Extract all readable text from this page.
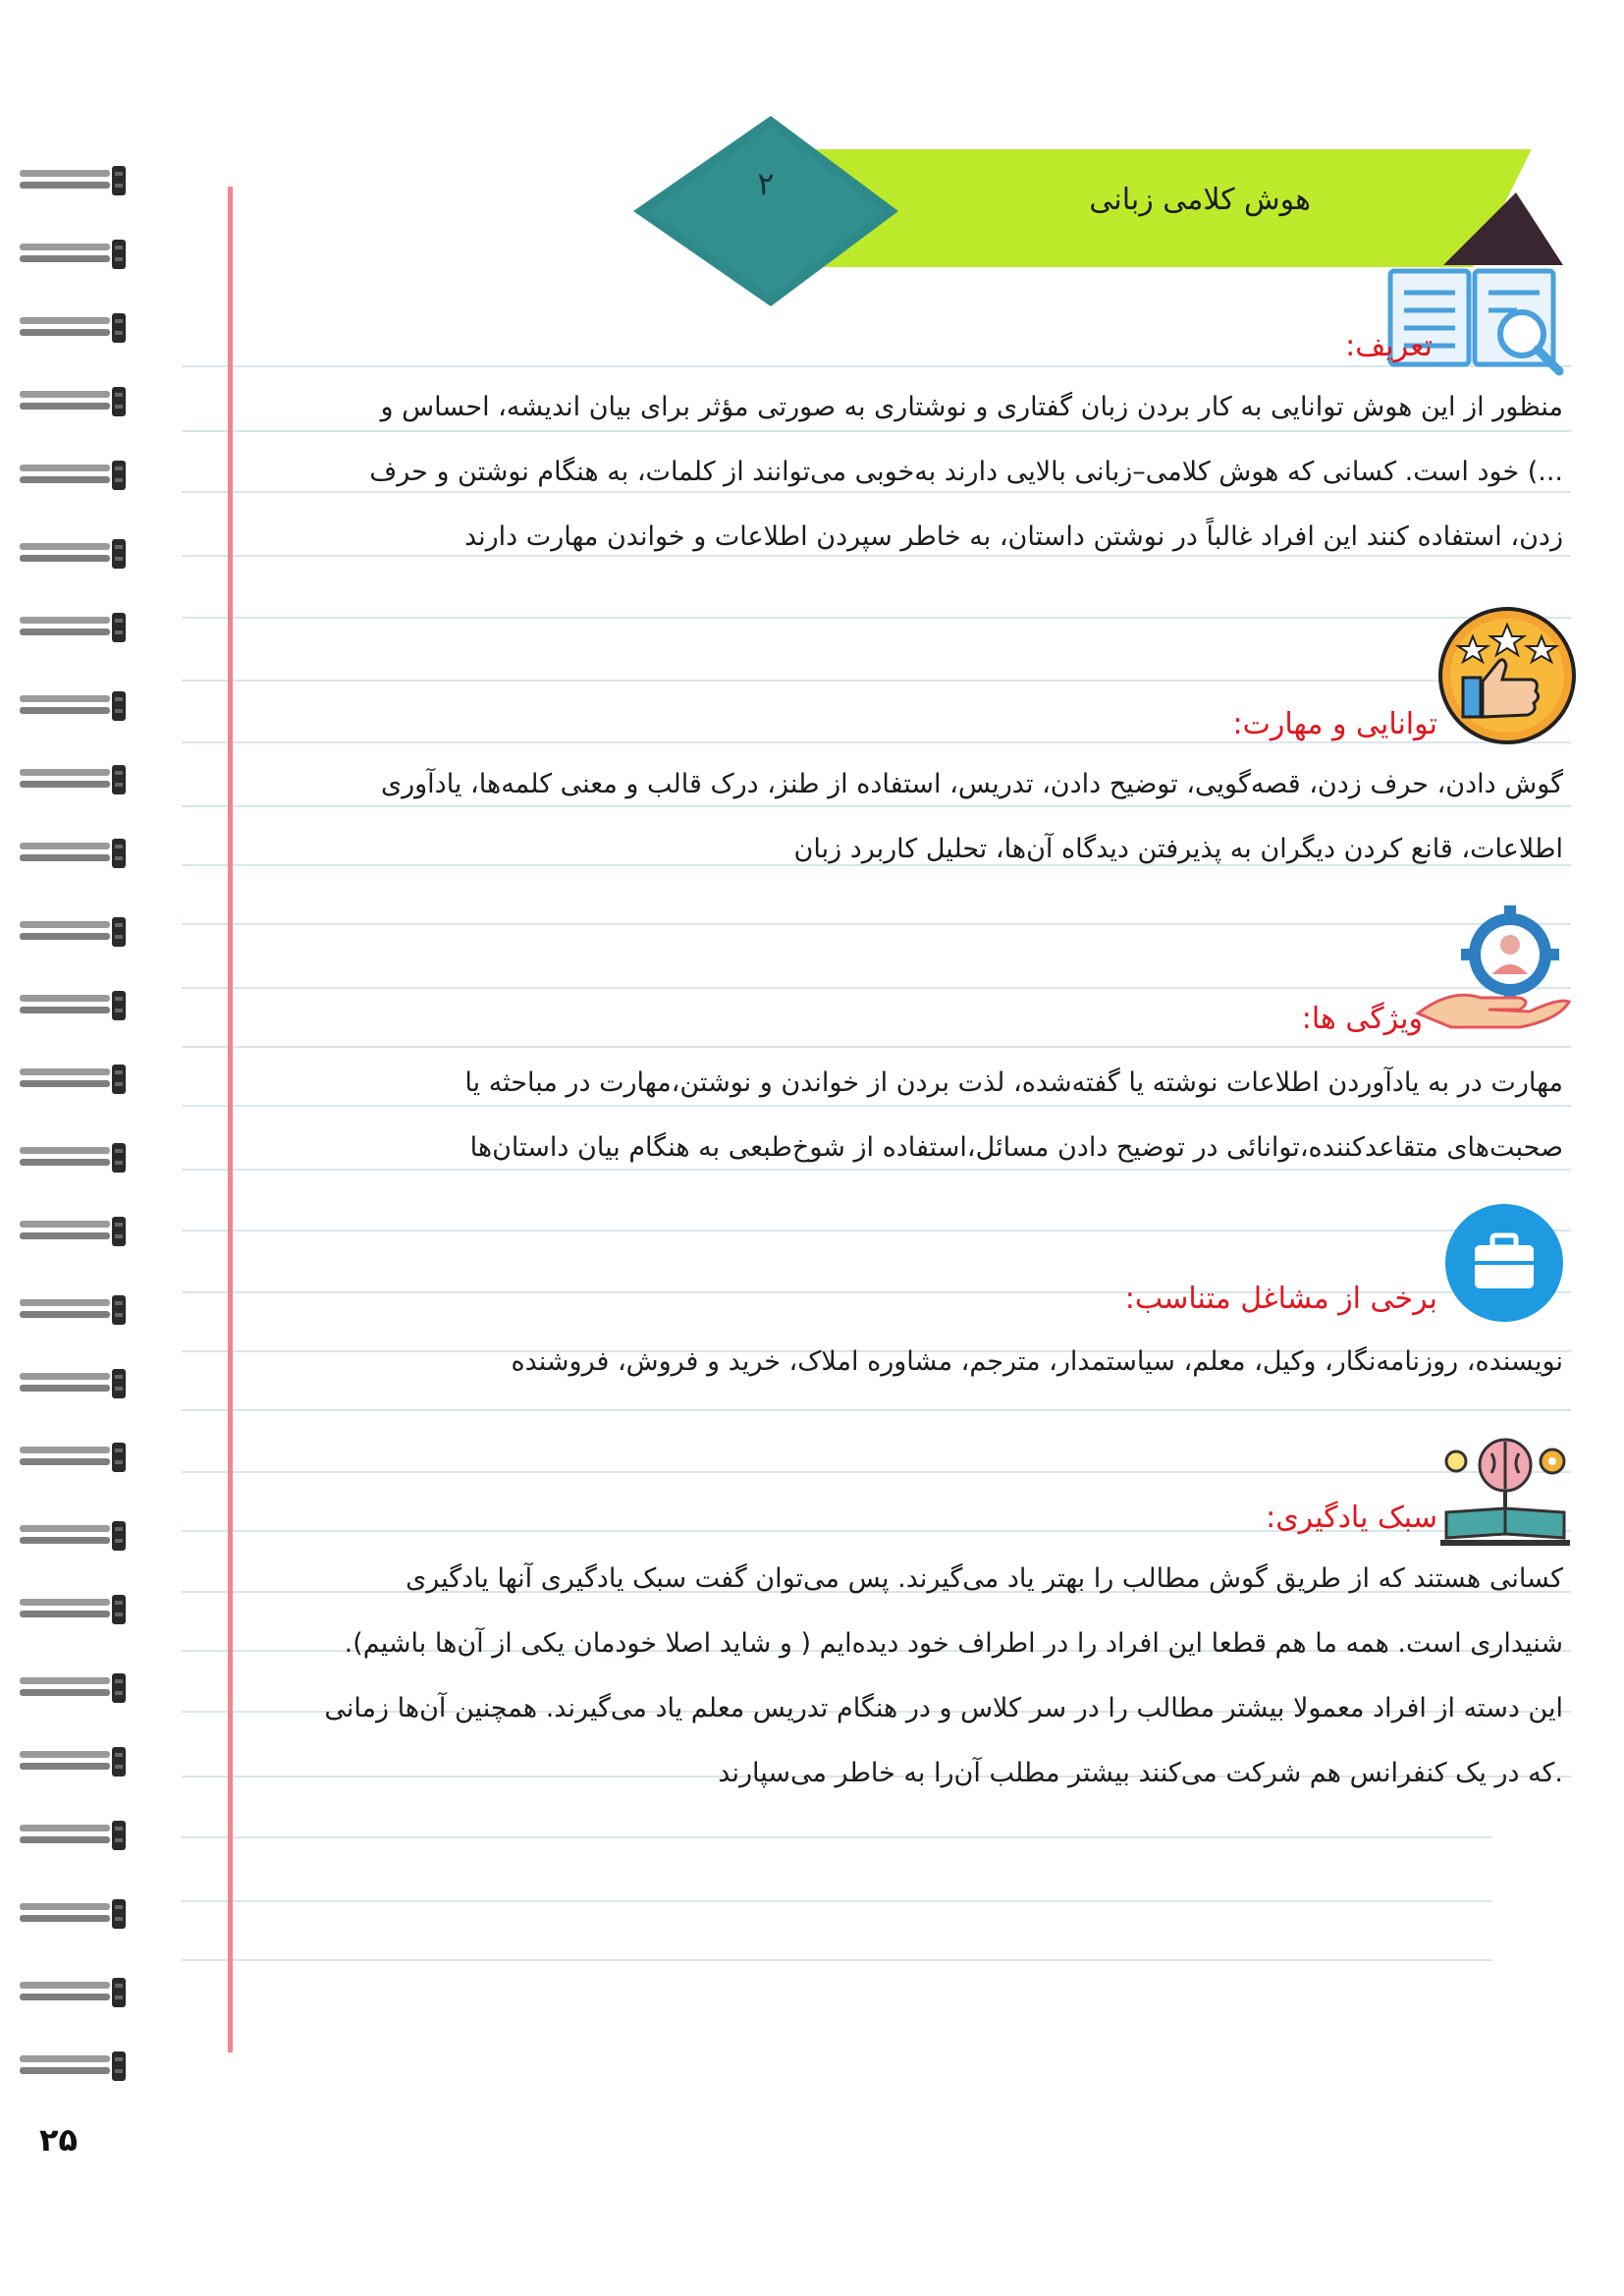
۲	هوش کلامی زبانی
تعریف:
منظور از این هوش توانایی به کار بردن زبان گفتاری و نوشتاری به صورتی مؤثر برای بیان اندیشه، احساس و
...) خود است. کسانی که هوش کلامی–زبانی بالایی دارند به‌خوبی می‌توانند از کلمات، به هنگام نوشتن و حرف
زدن، استفاده کنند این افراد غالباً در نوشتن داستان، به خاطر سپردن اطلاعات و خواندن مهارت دارند
توانایی و مهارت:
گوش دادن، حرف زدن، قصه‌گویی، توضیح دادن، تدریس، استفاده از طنز، درک قالب و معنی کلمه‌ها، یادآوری
اطلاعات، قانع کردن دیگران به پذیرفتن دیدگاه آن‌ها، تحلیل کاربرد زبان
ویژگی ها:
مهارت در به یادآوردن اطلاعات نوشته یا گفته‌شده، لذت بردن از خواندن و نوشتن،مهارت در مباحثه یا
صحبت‌های متقاعدکننده،توانائی در توضیح دادن مسائل،استفاده از شوخ‌طبعی به هنگام بیان داستان‌ها
برخی از مشاغل متناسب:
نویسنده، روزنامه‌نگار، وکیل، معلم، سیاستمدار، مترجم، مشاوره املاک، خرید و فروش، فروشنده
سبک یادگیری:
کسانی هستند که از طریق گوش مطالب را بهتر یاد می‌گیرند. پس می‌توان گفت سبک یادگیری آنها یادگیری
شنیداری است. همه ما هم قطعا این افراد را در اطراف خود دیده‌ایم ( و شاید اصلا خودمان یکی از آن‌ها باشیم).
این دسته از افراد معمولا بیشتر مطالب را در سر کلاس و در هنگام تدریس معلم یاد می‌گیرند. همچنین آن‌ها زمانی
.که در یک کنفرانس هم شرکت می‌کنند بیشتر مطلب آن‌را به خاطر می‌سپارند
۲۵
